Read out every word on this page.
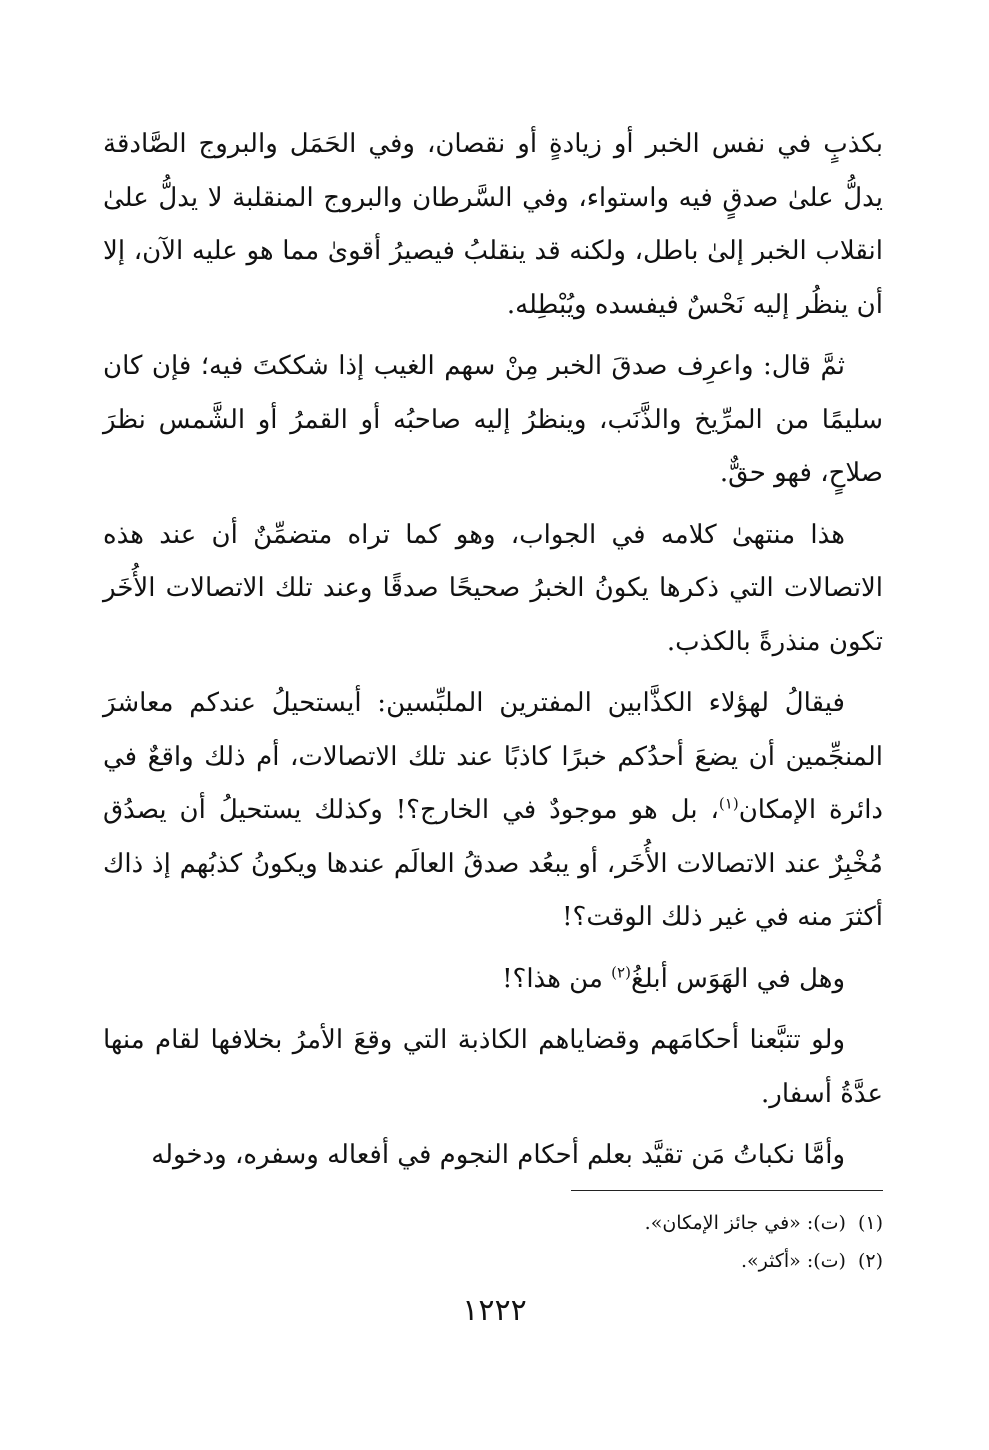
بكذبٍ في نفس الخبر أو زيادةٍ أو نقصان، وفي الحَمَل والبروج الصَّادقة يدلُّ علىٰ صدقٍ فيه واستواء، وفي السَّرطان والبروج المنقلبة لا يدلُّ علىٰ انقلاب الخبر إلىٰ باطل، ولكنه قد ينقلبُ فيصيرُ أقوىٰ مما هو عليه الآن، إلا أن ينظُر إليه نَحْسٌ فيفسده ويُبْطِله.

ثمَّ قال: واعرِف صدقَ الخبر مِنْ سهم الغيب إذا شككتَ فيه؛ فإن كان سليمًا من المرِّيخ والذَّنَب، وينظرُ إليه صاحبُه أو القمرُ أو الشَّمس نظرَ صلاحٍ، فهو حقٌّ.

هذا منتهىٰ كلامه في الجواب، وهو كما تراه متضمِّنٌ أن عند هذه الاتصالات التي ذكرها يكونُ الخبرُ صحيحًا صدقًا وعند تلك الاتصالات الأُخَر تكون منذرةً بالكذب.

فيقالُ لهؤلاء الكذَّابين المفترين الملبِّسين: أيستحيلُ عندكم معاشرَ المنجِّمين أن يضعَ أحدُكم خبرًا كاذبًا عند تلك الاتصالات، أم ذلك واقعٌ في دائرة الإمكان$^{(١)}$، بل هو موجودٌ في الخارج؟! وكذلك يستحيلُ أن يصدُق مُخْبِرٌ عند الاتصالات الأُخَر، أو يبعُد صدقُ العالَم عندها ويكونُ كذبُهم إذ ذاك أكثرَ منه في غير ذلك الوقت؟!

وهل في الهَوَس أبلغُ$^{(٢)}$ من هذا؟!

ولو تتبَّعنا أحكامَهم وقضاياهم الكاذبة التي وقعَ الأمرُ بخلافها لقام منها عدَّةُ أسفار.

وأمَّا نكباتُ مَن تقيَّد بعلم أحكام النجوم في أفعاله وسفره، ودخوله

(١)(ت): «في جائز الإمكان».

(٢)(ت): «أكثر».

١٢٢٢
